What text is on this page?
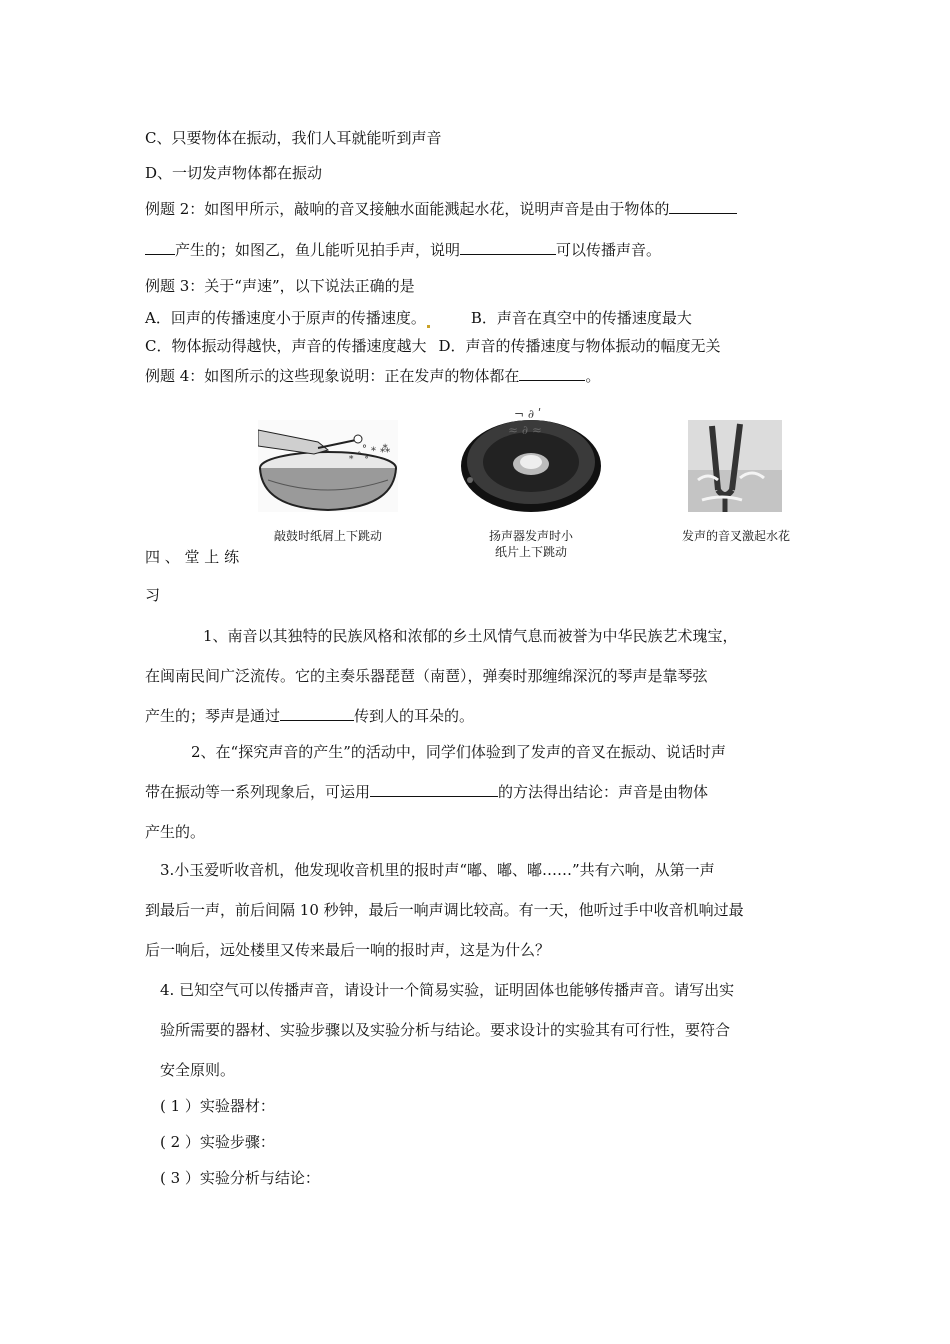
C、只要物体在振动，我们人耳就能听到声音
D、一切发声物体都在振动
例题 2：如图甲所示，敲响的音叉接触水面能溅起水花，说明声音是由于物体的
产生的；如图乙，鱼儿能听见拍手声，说明	可以传播声音。
例题 3：关于“声速”，以下说法正确的是
A．回声的传播速度小于原声的传播速度。	B．声音在真空中的传播速度最大
C．物体振动得越快，声音的传播速度越大 D．声音的传播速度与物体振动的幅度无关
例题 4：如图所示的这些现象说明：正在发声的物体都在	。
° ∗ ⁂
∗ ˚ ∘
敲鼓时纸屑上下跳动
¬ ∂ ʹ
≈ ∂ ≈
扬声器发声时小
纸片上下跳动
发声的音叉激起水花
四 、 堂 上 练
习
1、南音以其独特的民族风格和浓郁的乡土风情气息而被誉为中华民族艺术瑰宝，
在闽南民间广泛流传。它的主奏乐器琵琶（南琶），弹奏时那缠绵深沉的琴声是靠琴弦
产生的；琴声是通过	传到人的耳朵的。
2、在“探究声音的产生”的活动中，同学们体验到了发声的音叉在振动、说话时声
带在振动等一系列现象后，可运用	的方法得出结论：声音是由物体
产生的。
3.小玉爱听收音机，他发现收音机里的报时声“嘟、嘟、嘟……”共有六响，从第一声
到最后一声，前后间隔 10 秒钟，最后一响声调比较高。有一天，他听过手中收音机响过最
后一响后，远处楼里又传来最后一响的报时声，这是为什么？
4. 已知空气可以传播声音，请设计一个简易实验，证明固体也能够传播声音。请写出实
验所需要的器材、实验步骤以及实验分析与结论。要求设计的实验其有可行性，要符合
安全原则。
( 1 ）实验器材：
( 2 ）实验步骤：
( 3 ）实验分析与结论：
